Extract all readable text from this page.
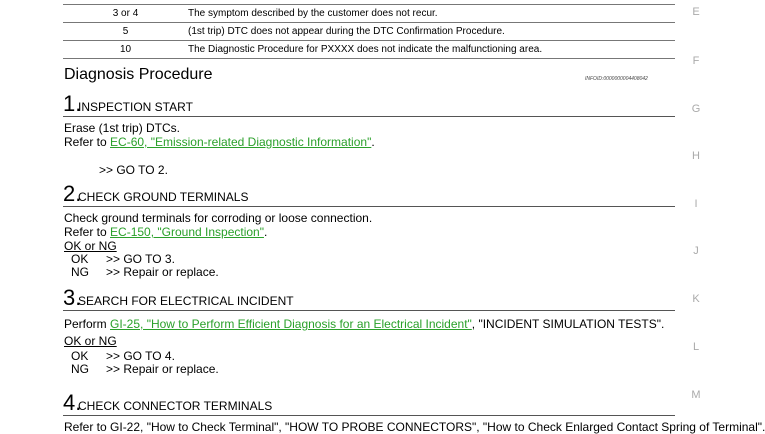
3 or 4	The symptom described by the customer does not recur.
5	(1st trip) DTC does not appear during the DTC Confirmation Procedure.
10	The Diagnostic Procedure for PXXXX does not indicate the malfunctioning area.
Diagnosis Procedure	INFOID:0000000004408042
1.
INSPECTION START
Erase (1st trip) DTCs.
Refer to EC-60, "Emission-related Diagnostic Information".
>> GO TO 2.
2.
CHECK GROUND TERMINALS
Check ground terminals for corroding or loose connection.
Refer to EC-150, "Ground Inspection".
OK or NG
OK	>> GO TO 3.
NG	>> Repair or replace.
3.
SEARCH FOR ELECTRICAL INCIDENT
Perform GI-25, "How to Perform Efficient Diagnosis for an Electrical Incident", "INCIDENT SIMULATION TESTS".
OK or NG
OK	>> GO TO 4.
NG	>> Repair or replace.
4.
CHECK CONNECTOR TERMINALS
Refer to GI-22, "How to Check Terminal", "HOW TO PROBE CONNECTORS", "How to Check Enlarged Contact Spring of Terminal".
E
F
G
H
I
J
K
L
M
